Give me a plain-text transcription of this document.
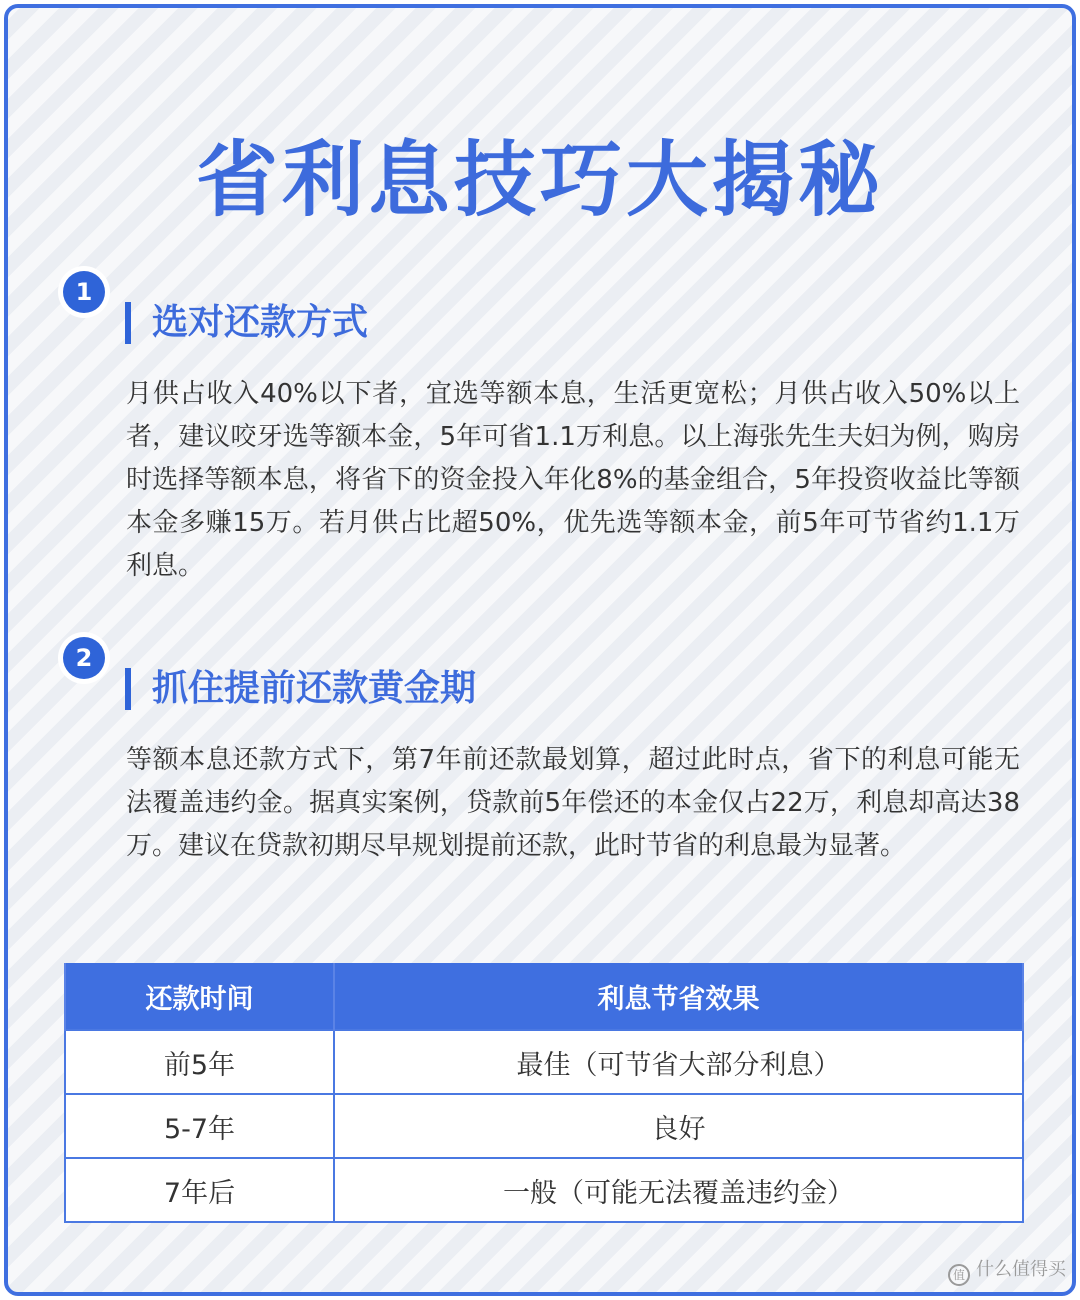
省利息技巧大揭秘
1
选对还款方式
月供占收入40%以下者，宜选等额本息，生活更宽松；月供占收入50%以上者，建议咬牙选等额本金，5年可省1.1万利息。以上海张先生夫妇为例，购房时选择等额本息，将省下的资金投入年化8%的基金组合，5年投资收益比等额本金多赚15万。若月供占比超50%，优先选等额本金，前5年可节省约1.1万利息。
2
抓住提前还款黄金期
等额本息还款方式下，第7年前还款最划算，超过此时点，省下的利息可能无法覆盖违约金。据真实案例，贷款前5年偿还的本金仅占22万，利息却高达38万。建议在贷款初期尽早规划提前还款，此时节省的利息最为显著。
还款时间	利息节省效果
前5年	最佳（可节省大部分利息）
5-7年	良好
7年后	一般（可能无法覆盖违约金）
值 什么值得买
